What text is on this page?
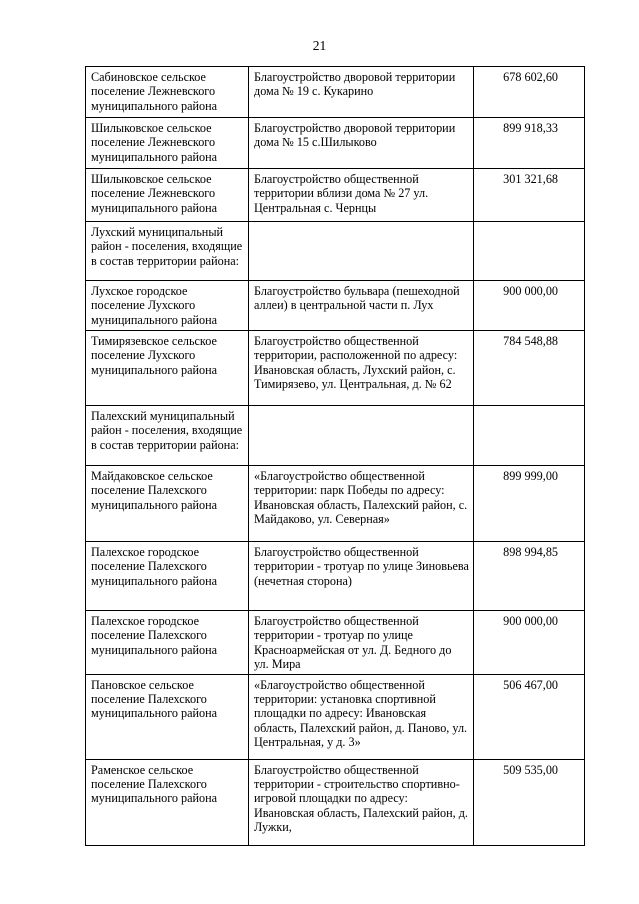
21
Сабиновское сельское поселение Лежневского муниципального района	Благоустройство дворовой территории дома № 19 с. Кукарино	678 602,60
Шилыковское сельское поселение Лежневского муниципального района	Благоустройство дворовой территории дома № 15 с.Шилыково	899 918,33
Шилыковское сельское поселение Лежневского муниципального района	Благоустройство общественной территории вблизи дома № 27 ул. Центральная с. Чернцы	301 321,68
Лухский муниципальный район - поселения, входящие в состав территории района:		
Лухское городское поселение Лухского муниципального района	Благоустройство бульвара (пешеходной аллеи) в центральной части п. Лух	900 000,00
Тимирязевское сельское поселение Лухского муниципального района	Благоустройство общественной территории, расположенной по адресу: Ивановская область, Лухский район, с. Тимирязево, ул. Центральная, д. № 62	784 548,88
Палехский муниципальный район - поселения, входящие в состав территории района:		
Майдаковское сельское поселение Палехского муниципального района	«Благоустройство общественной территории: парк Победы по адресу: Ивановская область, Палехский район, с. Майдаково, ул. Северная»	899 999,00
Палехское городское поселение Палехского муниципального района	Благоустройство общественной территории - тротуар по улице Зиновьева (нечетная сторона)	898 994,85
Палехское городское поселение Палехского муниципального района	Благоустройство общественной территории - тротуар по улице Красноармейская от ул. Д. Бедного до ул. Мира	900 000,00
Пановское сельское поселение Палехского муниципального района	«Благоустройство общественной территории: установка спортивной площадки по адресу: Ивановская область, Палехский район, д. Паново, ул. Центральная, у д. 3»	506 467,00
Раменское сельское поселение Палехского муниципального района	Благоустройство общественной территории - строительство спортивно-игровой площадки по адресу: Ивановская область, Палехский район, д. Лужки,	509 535,00
